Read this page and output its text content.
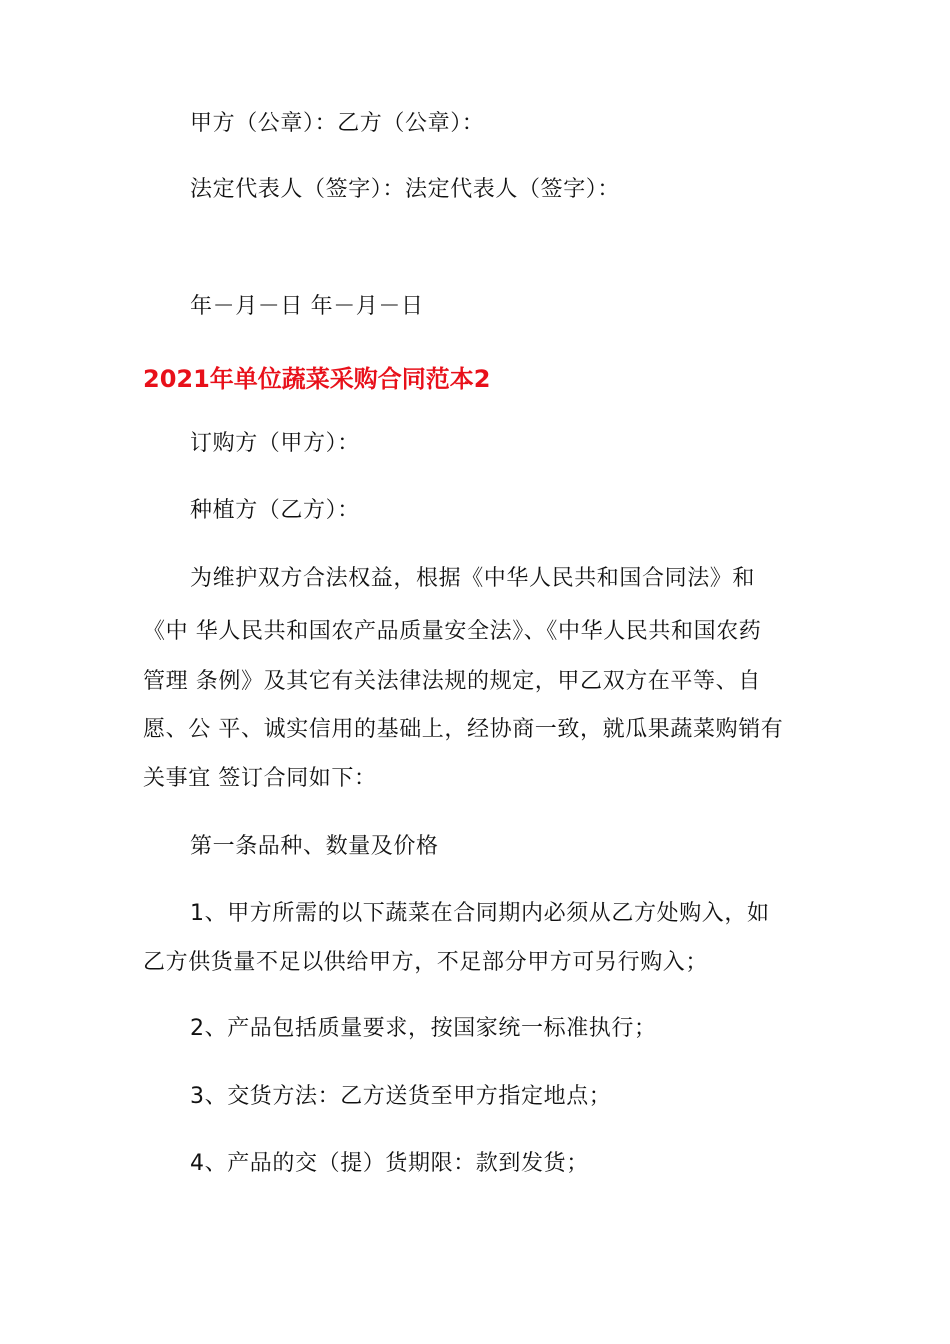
甲方（公章）：乙方（公章）：

法定代表人（签字）：法定代表人（签字）：

年－月－日 年－月－日

2021年单位蔬菜采购合同范本2

订购方（甲方）：

种植方（乙方）：

为维护双方合法权益，根据《中华人民共和国合同法》和

《中 华人民共和国农产品质量安全法》、《中华人民共和国农药

管理 条例》及其它有关法律法规的规定，甲乙双方在平等、自

愿、公 平、诚实信用的基础上，经协商一致，就瓜果蔬菜购销有

关事宜 签订合同如下：

第一条品种、数量及价格

1、甲方所需的以下蔬菜在合同期内必须从乙方处购入，如

乙方供货量不足以供给甲方，不足部分甲方可另行购入；

2、产品包括质量要求，按国家统一标准执行；

3、交货方法：乙方送货至甲方指定地点；

4、产品的交（提）货期限：款到发货；
